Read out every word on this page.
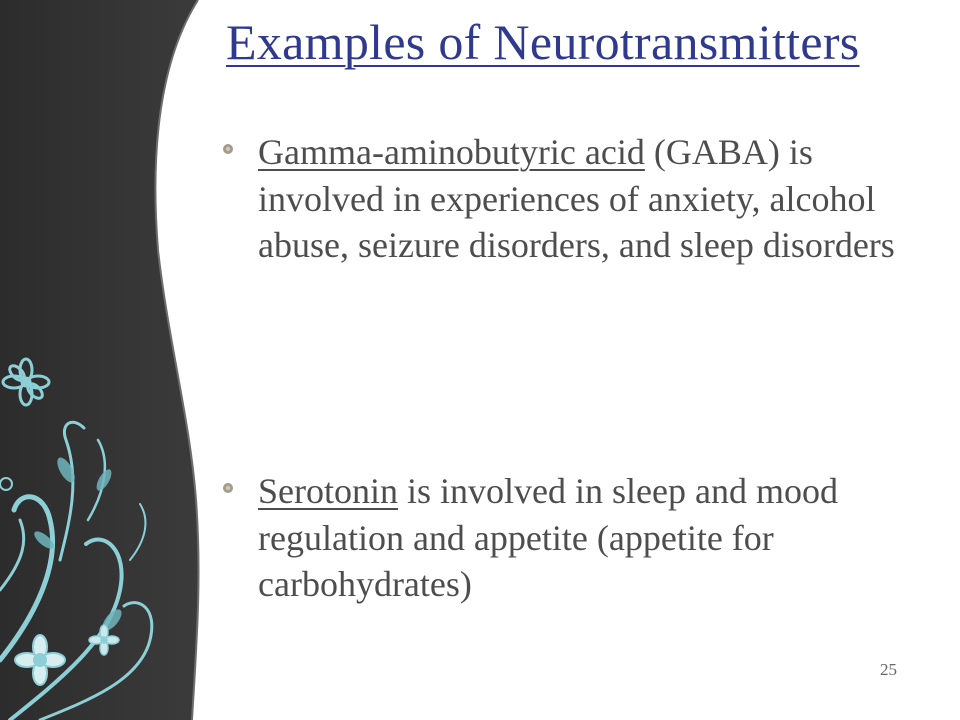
Examples of Neurotransmitters

Gamma-aminobutyric acid (GABA) is involved in experiences of anxiety, alcohol abuse, seizure disorders, and sleep disorders

Serotonin is involved in sleep and mood regulation and appetite (appetite for carbohydrates)

25
